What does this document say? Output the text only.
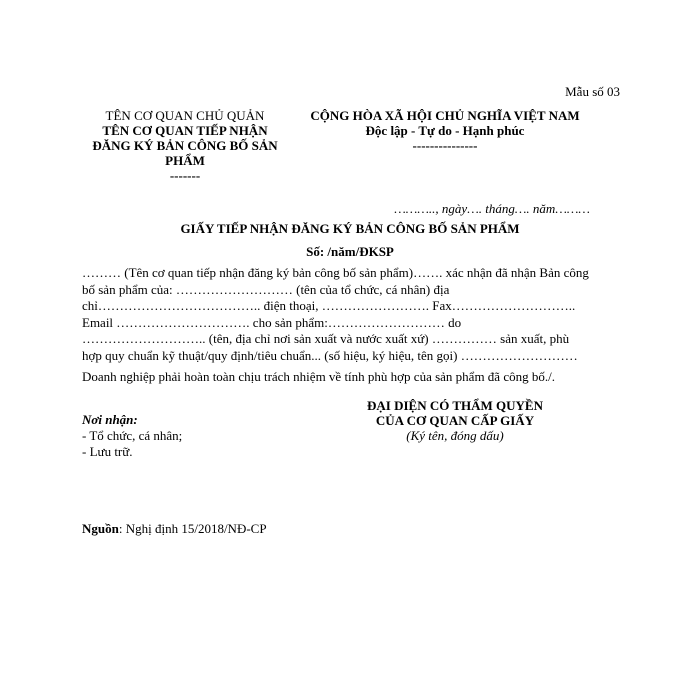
Mẫu số 03
TÊN CƠ QUAN CHỦ QUẢN
TÊN CƠ QUAN TIẾP NHẬN
ĐĂNG KÝ BẢN CÔNG BỐ SẢN
PHẨM
-------
CỘNG HÒA XÃ HỘI CHỦ NGHĨA VIỆT NAM
Độc lập - Tự do - Hạnh phúc
---------------
……….., ngày…. tháng…. năm………
GIẤY TIẾP NHẬN ĐĂNG KÝ BẢN CÔNG BỐ SẢN PHẨM
Số: /năm/ĐKSP
……… (Tên cơ quan tiếp nhận đăng ký bản công bố sản phẩm)……. xác nhận đã nhận Bản công
bố sản phẩm của: ……………………… (tên của tổ chức, cá nhân) địa
chỉ……………………………….. điện thoại, ……………………. Fax………………………..
Email …………………………. cho sản phẩm:……………………… do
……………………….. (tên, địa chỉ nơi sản xuất và nước xuất xứ) …………… sản xuất, phù
hợp quy chuẩn kỹ thuật/quy định/tiêu chuẩn... (số hiệu, ký hiệu, tên gọi) ………………………
Doanh nghiệp phải hoàn toàn chịu trách nhiệm về tính phù hợp của sản phẩm đã công bố./.
Nơi nhận:
- Tổ chức, cá nhân;
- Lưu trữ.
ĐẠI DIỆN CÓ THẨM QUYỀN
CỦA CƠ QUAN CẤP GIẤY
(Ký tên, đóng dấu)
Nguồn: Nghị định 15/2018/NĐ-CP
